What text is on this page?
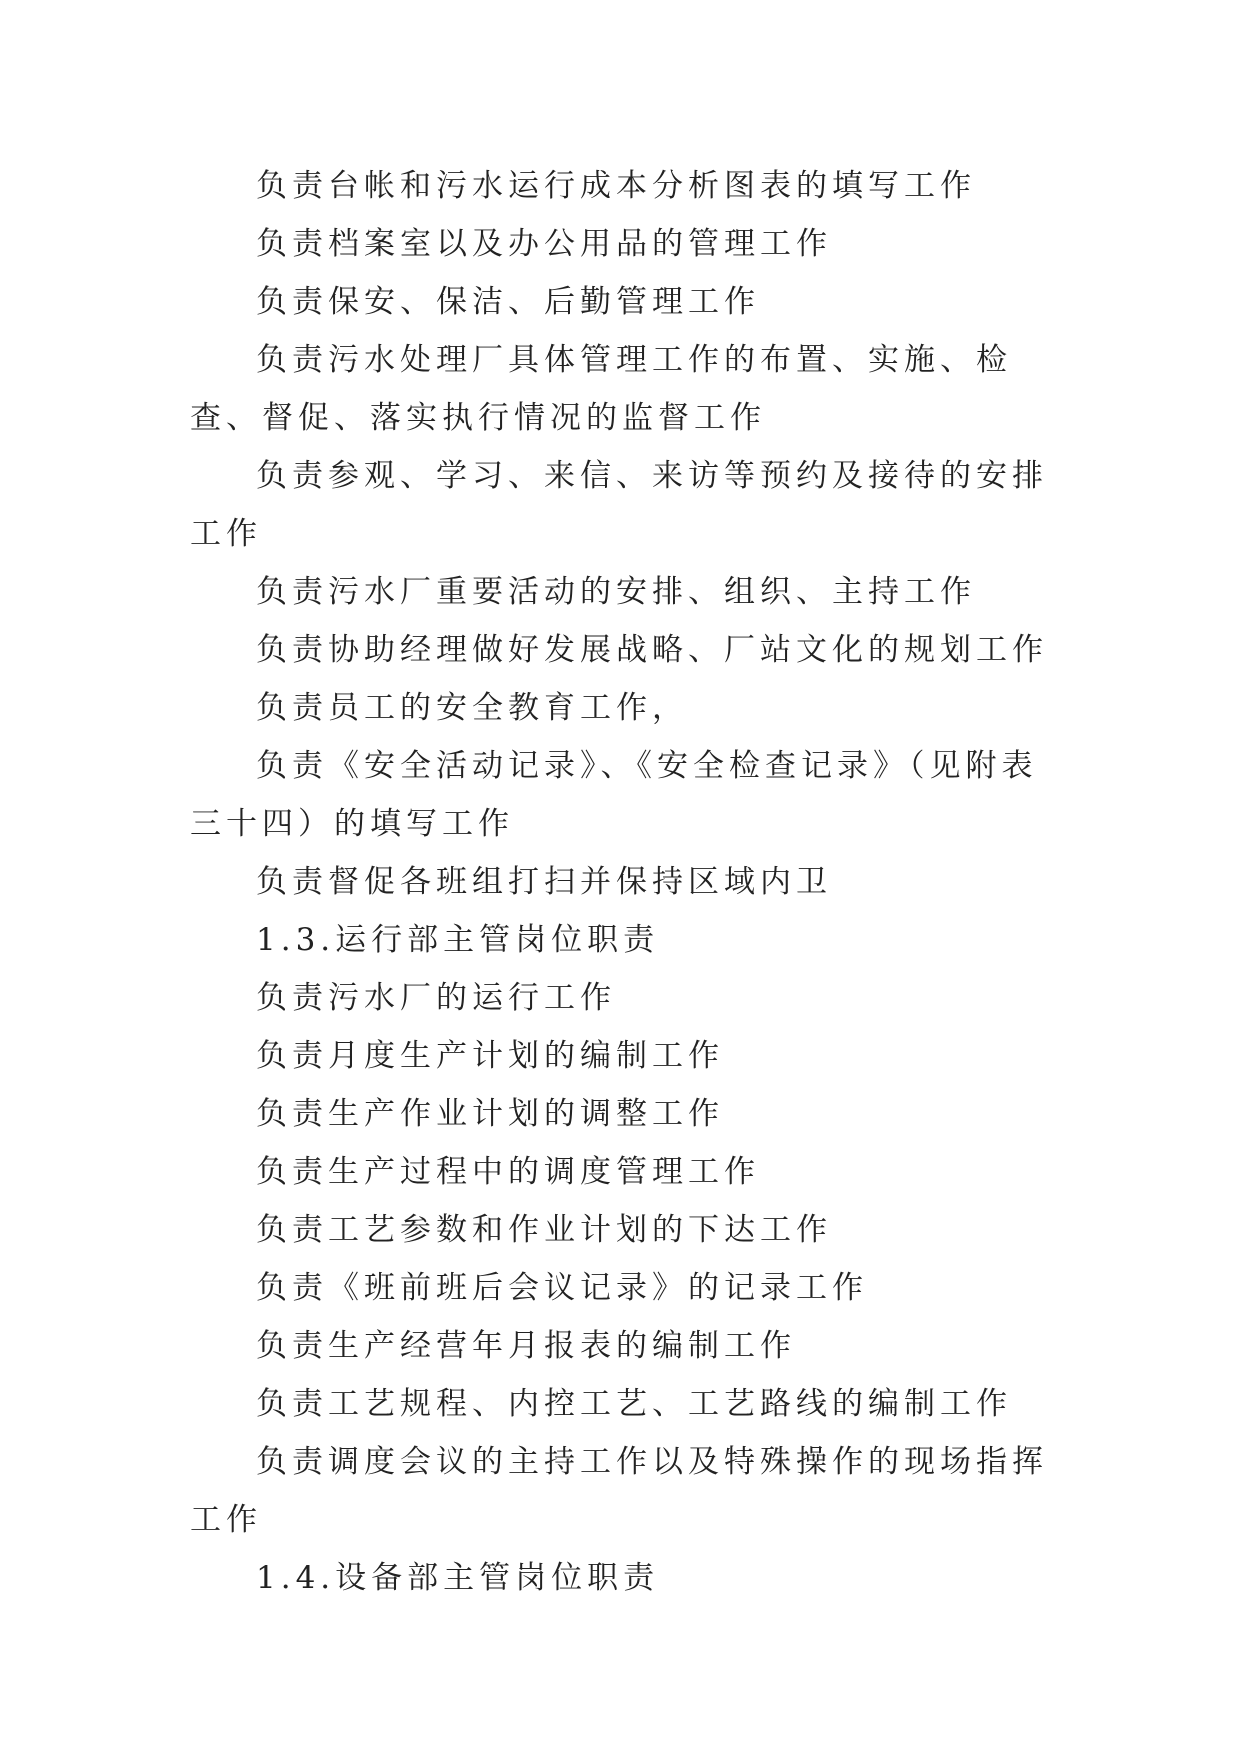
负责台帐和污水运行成本分析图表的填写工作

负责档案室以及办公用品的管理工作

负责保安、保洁、后勤管理工作

负责污水处理厂具体管理工作的布置、实施、检查、督促、落实执行情况的监督工作

负责参观、学习、来信、来访等预约及接待的安排工作

负责污水厂重要活动的安排、组织、主持工作

负责协助经理做好发展战略、厂站文化的规划工作

负责员工的安全教育工作，

负责《安全活动记录》、《安全检查记录》（见附表三十四）的填写工作

负责督促各班组打扫并保持区域内卫

1.3.运行部主管岗位职责

负责污水厂的运行工作

负责月度生产计划的编制工作

负责生产作业计划的调整工作

负责生产过程中的调度管理工作

负责工艺参数和作业计划的下达工作

负责《班前班后会议记录》的记录工作

负责生产经营年月报表的编制工作

负责工艺规程、内控工艺、工艺路线的编制工作

负责调度会议的主持工作以及特殊操作的现场指挥工作

1.4.设备部主管岗位职责
